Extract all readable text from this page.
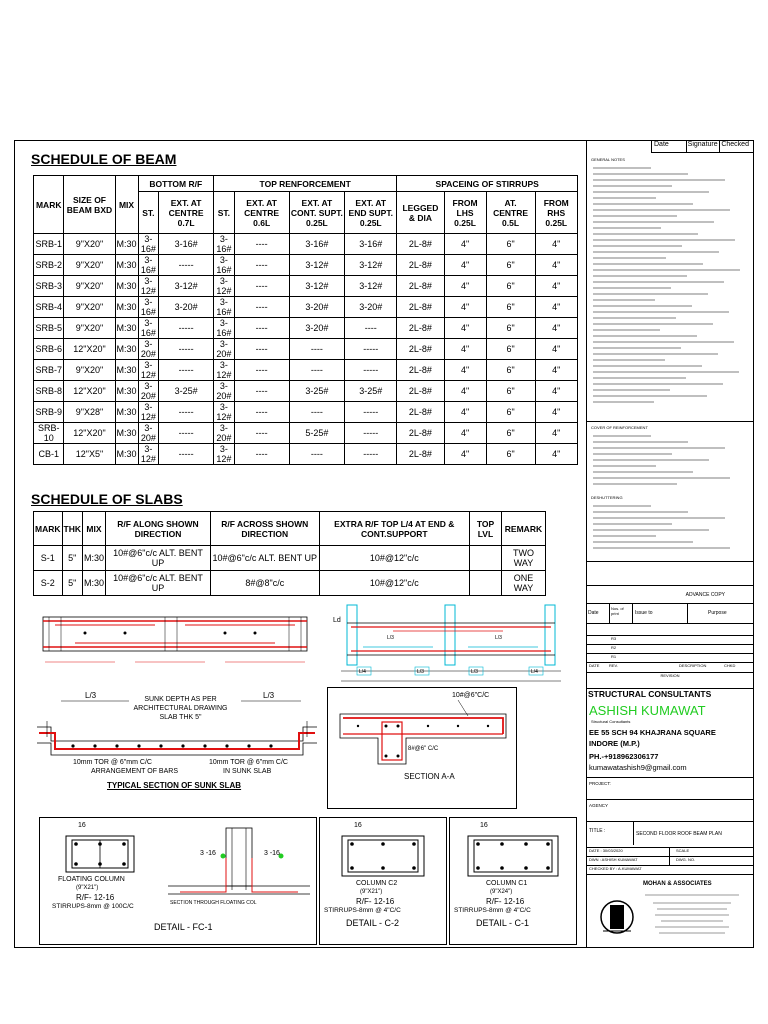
SCHEDULE OF BEAM
MARK	SIZE OF BEAM BXD	MIX	BOTTOM R/F		TOP RENFORCEMENT				SPACEING OF STIRRUPS			
			ST.	EXT. AT CENTRE 0.7L	ST.	EXT. AT CENTRE 0.6L	EXT. AT CONT. SUPT. 0.25L	EXT. AT END SUPT. 0.25L	LEGGED & DIA	FROM LHS 0.25L	AT. CENTRE 0.5L	FROM RHS 0.25L
SRB-1	9"X20"	M:30	3-16#	3-16#	3-16#	----	3-16#	3-16#	2L-8#	4"	6"	4"
SRB-2	9"X20"	M:30	3-16#	-----	3-16#	----	3-12#	3-12#	2L-8#	4"	6"	4"
SRB-3	9"X20"	M:30	3-12#	3-12#	3-12#	----	3-12#	3-12#	2L-8#	4"	6"	4"
SRB-4	9"X20"	M:30	3-16#	3-20#	3-16#	----	3-20#	3-20#	2L-8#	4"	6"	4"
SRB-5	9"X20"	M:30	3-16#	-----	3-16#	----	3-20#	----	2L-8#	4"	6"	4"
SRB-6	12"X20"	M:30	3-20#	-----	3-20#	----	----	-----	2L-8#	4"	6"	4"
SRB-7	9"X20"	M:30	3-12#	-----	3-12#	----	----	-----	2L-8#	4"	6"	4"
SRB-8	12"X20"	M:30	3-20#	3-25#	3-20#	----	3-25#	3-25#	2L-8#	4"	6"	4"
SRB-9	9"X28"	M:30	3-12#	-----	3-12#	----	----	-----	2L-8#	4"	6"	4"
SRB-10	12"X20"	M:30	3-20#	-----	3-20#	----	5-25#	-----	2L-8#	4"	6"	4"
CB-1	12"X5"	M:30	3-12#	-----	3-12#	----	----	-----	2L-8#	4"	6"	4"
SCHEDULE OF SLABS
MARK	THK	MIX	R/F ALONG SHOWN DIRECTION	R/F ACROSS SHOWN DIRECTION	EXTRA R/F TOP L/4 AT END & CONT.SUPPORT	TOP LVL	REMARK
S-1	5"	M:30	10#@6"c/c ALT. BENT UP	10#@6"c/c ALT. BENT UP	10#@12"c/c		TWO WAY
S-2	5"	M:30	10#@6"c/c ALT. BENT UP	8#@8"c/c	10#@12"c/c		ONE WAY
Ld
L/3	L/3
L/4	L/3	L/3	L/4
L/3	L/3
SUNK DEPTH AS PER ARCHITECTURAL DRAWING SLAB THK 5"
10mm TOR @ 6"mm C/C
ARRANGEMENT OF BARS
10mm TOR @ 6"mm C/C
IN SUNK SLAB
TYPICAL SECTION OF SUNK SLAB
10#@6"C/C
8#@6" C/C
SECTION A-A
16
FLOATING COLUMN
(9"X21")
R/F- 12-16
STIRRUPS-8mm @ 100C/C
3 -16	3 -16
SECTION THROUGH FLOATING COL
DETAIL - FC-1
16
COLUMN C2
(9"X21")
R/F- 12-16
STIRRUPS-8mm @ 4"C/C
DETAIL - C-2
16
COLUMN C1
(9"X24")
R/F- 12-16
STIRRUPS-8mm @ 4"C/C
DETAIL - C-1
Date	Signature Checked
GENERAL NOTES
COVER OF REINFORCEMENT
DESHUTTERING
ADVANCE COPY
Date
Nos. of print	Issue to	Purpose
R3
R2
R1
DATE	REV.	DESCRIPTION	CHKD
REVISION
STRUCTURAL CONSULTANTS
ASHISH KUMAWAT
Structural Consultants
EE 55 SCH 94 KHAJRANA SQUARE
INDORE (M.P.)
PH.-+918962306177
kumawatashish9@gmail.com
PROJECT:
AGENCY
TITLE :	SECOND FLOOR ROOF BEAM PLAN
DATE : 30/03/2020	SCALE
DWN : ASHISH KUMAWAT	DWG. NO.
CHECKED BY : A.KUMAWAT
MOHAN & ASSOCIATES
